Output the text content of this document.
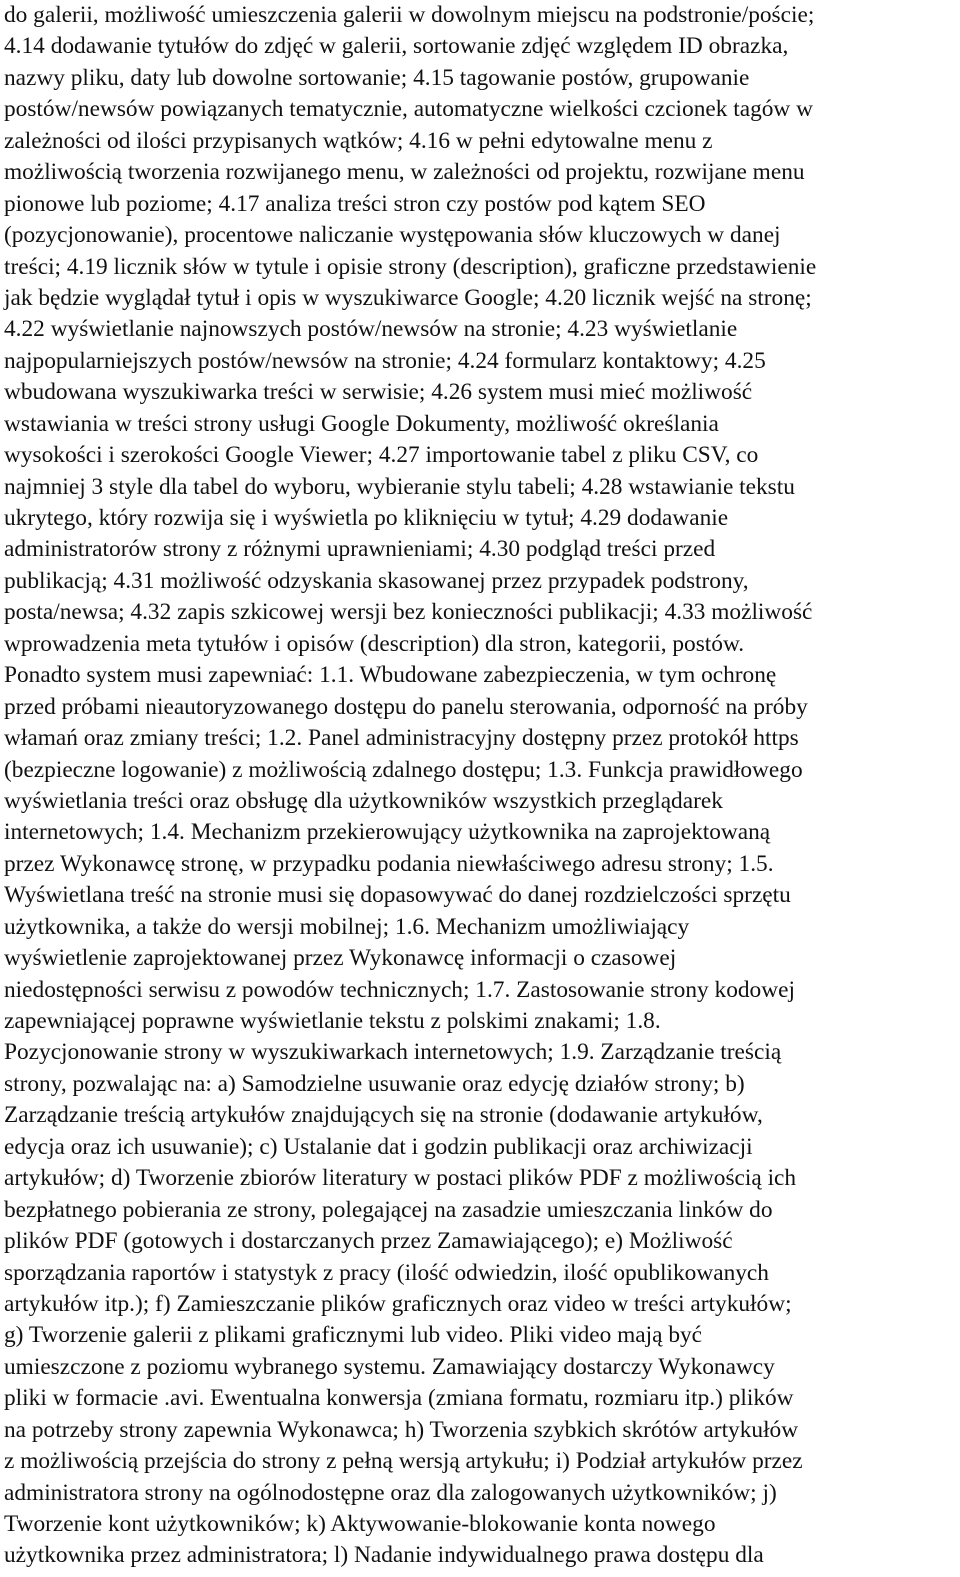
do galerii, możliwość umieszczenia galerii w dowolnym miejscu na podstronie/poście;
4.14 dodawanie tytułów do zdjęć w galerii, sortowanie zdjęć względem ID obrazka,
nazwy pliku, daty lub dowolne sortowanie; 4.15 tagowanie postów, grupowanie
postów/newsów powiązanych tematycznie, automatyczne wielkości czcionek tagów w
zależności od ilości przypisanych wątków; 4.16 w pełni edytowalne menu z
możliwością tworzenia rozwijanego menu, w zależności od projektu, rozwijane menu
pionowe lub poziome; 4.17 analiza treści stron czy postów pod kątem SEO
(pozycjonowanie), procentowe naliczanie występowania słów kluczowych w danej
treści; 4.19 licznik słów w tytule i opisie strony (description), graficzne przedstawienie
jak będzie wyglądał tytuł i opis w wyszukiwarce Google; 4.20 licznik wejść na stronę;
4.22 wyświetlanie najnowszych postów/newsów na stronie; 4.23 wyświetlanie
najpopularniejszych postów/newsów na stronie; 4.24 formularz kontaktowy; 4.25
wbudowana wyszukiwarka treści w serwisie; 4.26 system musi mieć możliwość
wstawiania w treści strony usługi Google Dokumenty, możliwość określania
wysokości i szerokości Google Viewer; 4.27 importowanie tabel z pliku CSV, co
najmniej 3 style dla tabel do wyboru, wybieranie stylu tabeli; 4.28 wstawianie tekstu
ukrytego, który rozwija się i wyświetla po kliknięciu w tytuł; 4.29 dodawanie
administratorów strony z różnymi uprawnieniami; 4.30 podgląd treści przed
publikacją; 4.31 możliwość odzyskania skasowanej przez przypadek podstrony,
posta/newsa; 4.32 zapis szkicowej wersji bez konieczności publikacji; 4.33 możliwość
wprowadzenia meta tytułów i opisów (description) dla stron, kategorii, postów.
Ponadto system musi zapewniać: 1.1. Wbudowane zabezpieczenia, w tym ochronę
przed próbami nieautoryzowanego dostępu do panelu sterowania, odporność na próby
włamań oraz zmiany treści; 1.2. Panel administracyjny dostępny przez protokół https
(bezpieczne logowanie) z możliwością zdalnego dostępu; 1.3. Funkcja prawidłowego
wyświetlania treści oraz obsługę dla użytkowników wszystkich przeglądarek
internetowych; 1.4. Mechanizm przekierowujący użytkownika na zaprojektowaną
przez Wykonawcę stronę, w przypadku podania niewłaściwego adresu strony; 1.5.
Wyświetlana treść na stronie musi się dopasowywać do danej rozdzielczości sprzętu
użytkownika, a także do wersji mobilnej; 1.6. Mechanizm umożliwiający
wyświetlenie zaprojektowanej przez Wykonawcę informacji o czasowej
niedostępności serwisu z powodów technicznych; 1.7. Zastosowanie strony kodowej
zapewniającej poprawne wyświetlanie tekstu z polskimi znakami; 1.8.
Pozycjonowanie strony w wyszukiwarkach internetowych; 1.9. Zarządzanie treścią
strony, pozwalając na: a) Samodzielne usuwanie oraz edycję działów strony; b)
Zarządzanie treścią artykułów znajdujących się na stronie (dodawanie artykułów,
edycja oraz ich usuwanie); c) Ustalanie dat i godzin publikacji oraz archiwizacji
artykułów; d) Tworzenie zbiorów literatury w postaci plików PDF z możliwością ich
bezpłatnego pobierania ze strony, polegającej na zasadzie umieszczania linków do
plików PDF (gotowych i dostarczanych przez Zamawiającego); e) Możliwość
sporządzania raportów i statystyk z pracy (ilość odwiedzin, ilość opublikowanych
artykułów itp.); f) Zamieszczanie plików graficznych oraz video w treści artykułów;
g) Tworzenie galerii z plikami graficznymi lub video. Pliki video mają być
umieszczone z poziomu wybranego systemu. Zamawiający dostarczy Wykonawcy
pliki w formacie .avi. Ewentualna konwersja (zmiana formatu, rozmiaru itp.) plików
na potrzeby strony zapewnia Wykonawca; h) Tworzenia szybkich skrótów artykułów
z możliwością przejścia do strony z pełną wersją artykułu; i) Podział artykułów przez
administratora strony na ogólnodostępne oraz dla zalogowanych użytkowników; j)
Tworzenie kont użytkowników; k) Aktywowanie-blokowanie konta nowego
użytkownika przez administratora; l) Nadanie indywidualnego prawa dostępu dla
